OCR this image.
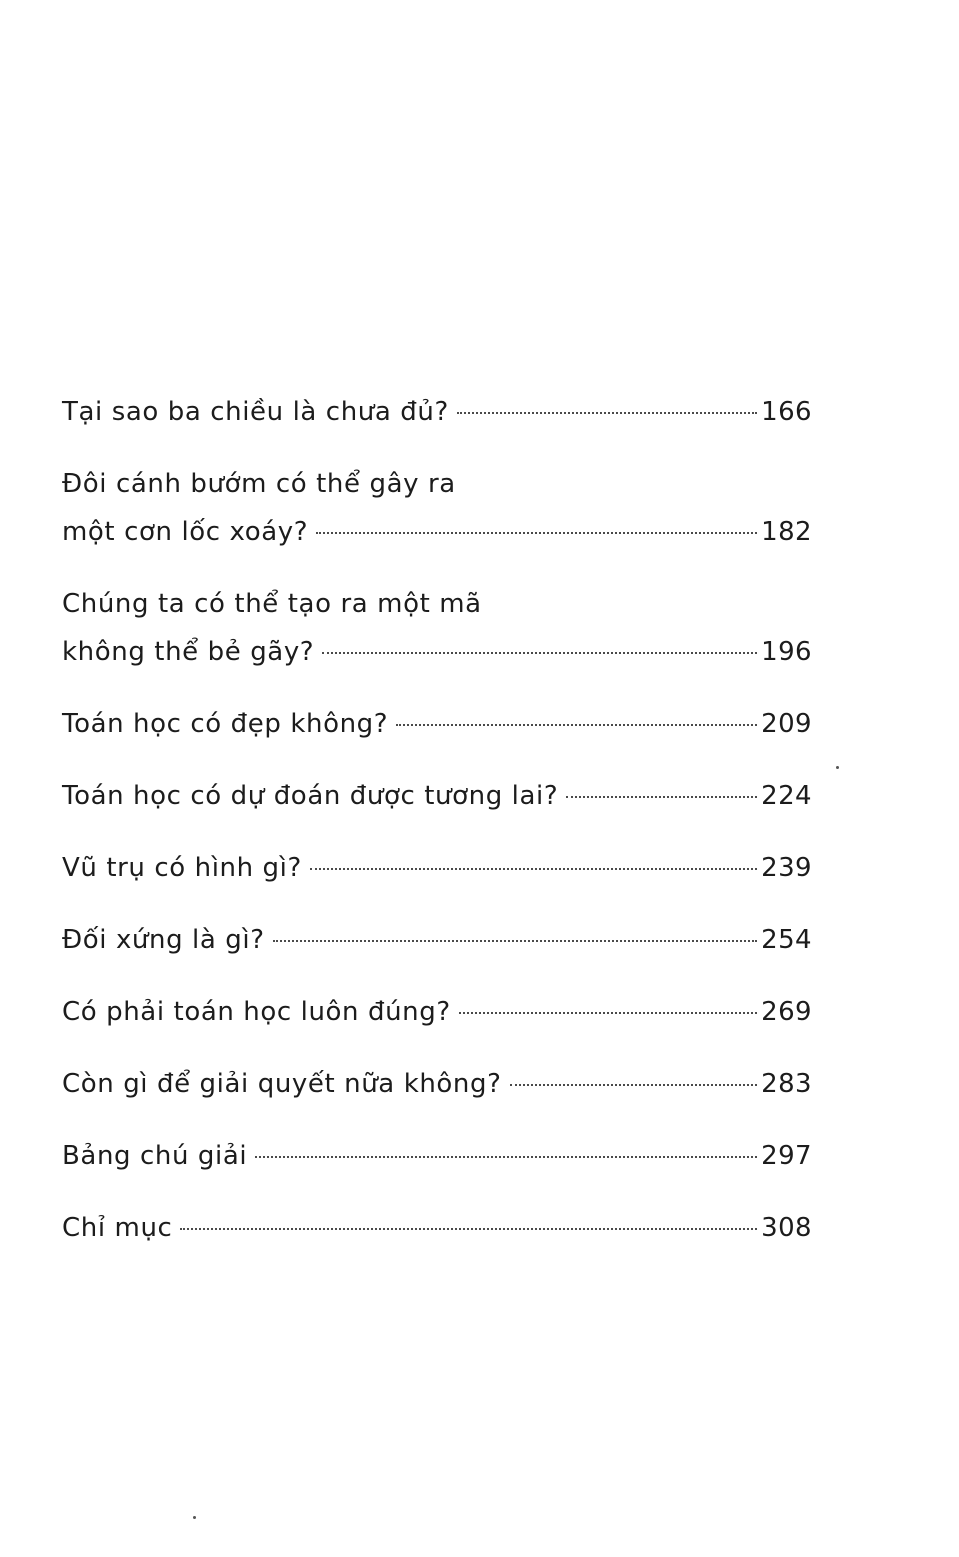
Tại sao ba chiều là chưa đủ?	166
Đôi cánh bướm có thể gây ra
một cơn lốc xoáy?	182
Chúng ta có thể tạo ra một mã
không thể bẻ gãy?	196
Toán học có đẹp không?	209
Toán học có dự đoán được tương lai?	224
Vũ trụ có hình gì?	239
Đối xứng là gì?	254
Có phải toán học luôn đúng?	269
Còn gì để giải quyết nữa không?	283
Bảng chú giải	297
Chỉ mục	308
